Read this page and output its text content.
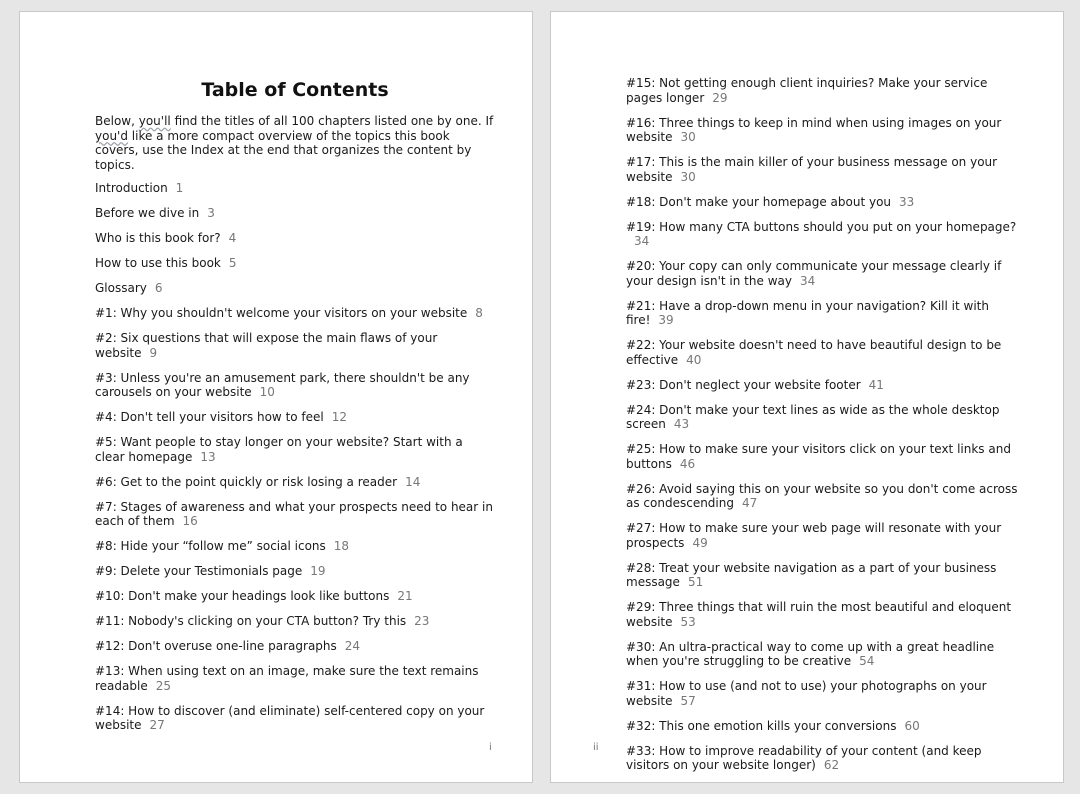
Table of Contents
Below, you'll find the titles of all 100 chapters listed one by one. If you'd like a more compact overview of the topics this book covers, use the Index at the end that organizes the content by topics.
Introduction 1
Before we dive in 3
Who is this book for? 4
How to use this book 5
Glossary 6
#1: Why you shouldn't welcome your visitors on your website 8
#2: Six questions that will expose the main flaws of your website 9
#3: Unless you're an amusement park, there shouldn't be any carousels on your website 10
#4: Don't tell your visitors how to feel 12
#5: Want people to stay longer on your website? Start with a clear homepage 13
#6: Get to the point quickly or risk losing a reader 14
#7: Stages of awareness and what your prospects need to hear in each of them 16
#8: Hide your “follow me” social icons 18
#9: Delete your Testimonials page 19
#10: Don't make your headings look like buttons 21
#11: Nobody's clicking on your CTA button? Try this 23
#12: Don't overuse one-line paragraphs 24
#13: When using text on an image, make sure the text remains readable 25
#14: How to discover (and eliminate) self-centered copy on your website 27
i
#15: Not getting enough client inquiries? Make your service pages longer 29
#16: Three things to keep in mind when using images on your website 30
#17: This is the main killer of your business message on your website 30
#18: Don't make your homepage about you 33
#19: How many CTA buttons should you put on your homepage?34
#20: Your copy can only communicate your message clearly if your design isn't in the way 34
#21: Have a drop-down menu in your navigation? Kill it with fire! 39
#22: Your website doesn't need to have beautiful design to be effective 40
#23: Don't neglect your website footer 41
#24: Don't make your text lines as wide as the whole desktop screen 43
#25: How to make sure your visitors click on your text links and buttons 46
#26: Avoid saying this on your website so you don't come across as condescending 47
#27: How to make sure your web page will resonate with your prospects 49
#28: Treat your website navigation as a part of your business message 51
#29: Three things that will ruin the most beautiful and eloquent website 53
#30: An ultra-practical way to come up with a great headline when you're struggling to be creative 54
#31: How to use (and not to use) your photographs on your website 57
#32: This one emotion kills your conversions 60
#33: How to improve readability of your content (and keep visitors on your website longer) 62
ii
